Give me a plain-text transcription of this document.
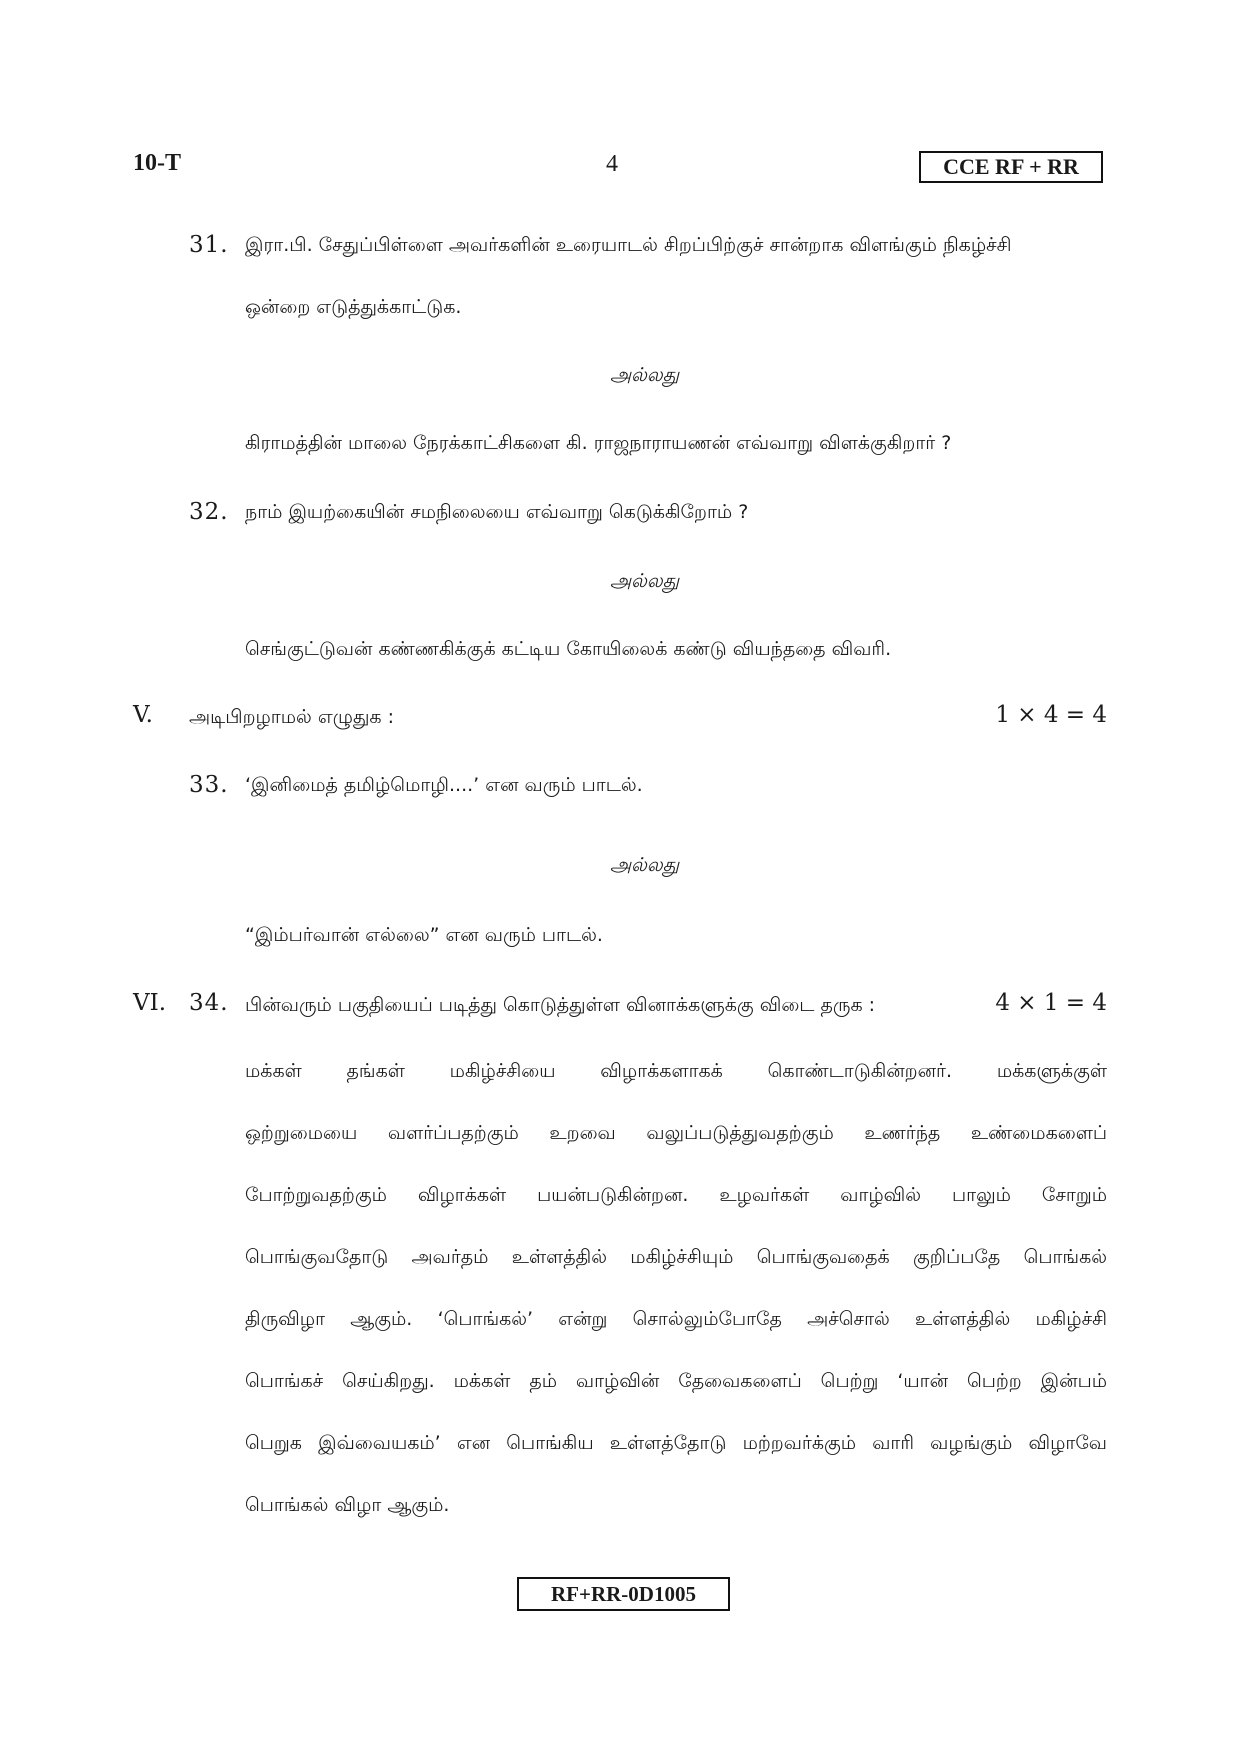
10-T	4	CCE RF + RR
31. இரா.பி. சேதுப்பிள்ளை அவர்களின் உரையாடல் சிறப்பிற்குச் சான்றாக விளங்கும் நிகழ்ச்சி
ஒன்றை எடுத்துக்காட்டுக.
அல்லது
கிராமத்தின் மாலை நேரக்காட்சிகளை கி. ராஜநாராயணன் எவ்வாறு விளக்குகிறார் ?
32. நாம் இயற்கையின் சமநிலையை எவ்வாறு கெடுக்கிறோம் ?
அல்லது
செங்குட்டுவன் கண்ணகிக்குக் கட்டிய கோயிலைக் கண்டு வியந்ததை விவரி.
V. அடிபிறழாமல் எழுதுக :	1 × 4 = 4
33. ‘இனிமைத் தமிழ்மொழி....’ என வரும் பாடல்.
அல்லது
“இம்பர்வான் எல்லை” என வரும் பாடல்.
VI. 34. பின்வரும் பகுதியைப் படித்து கொடுத்துள்ள வினாக்களுக்கு விடை தருக :	4 × 1 = 4
மக்கள் தங்கள் மகிழ்ச்சியை விழாக்களாகக் கொண்டாடுகின்றனர். மக்களுக்குள்
ஒற்றுமையை வளர்ப்பதற்கும் உறவை வலுப்படுத்துவதற்கும் உணர்ந்த உண்மைகளைப்
போற்றுவதற்கும் விழாக்கள் பயன்படுகின்றன. உழவர்கள் வாழ்வில் பாலும் சோறும்
பொங்குவதோடு அவர்தம் உள்ளத்தில் மகிழ்ச்சியும் பொங்குவதைக் குறிப்பதே பொங்கல்
திருவிழா ஆகும். ‘பொங்கல்’ என்று சொல்லும்போதே அச்சொல் உள்ளத்தில் மகிழ்ச்சி
பொங்கச் செய்கிறது. மக்கள் தம் வாழ்வின் தேவைகளைப் பெற்று ‘யான் பெற்ற இன்பம்
பெறுக இவ்வையகம்’ என பொங்கிய உள்ளத்தோடு மற்றவர்க்கும் வாரி வழங்கும் விழாவே
பொங்கல் விழா ஆகும்.
RF+RR-0D1005
